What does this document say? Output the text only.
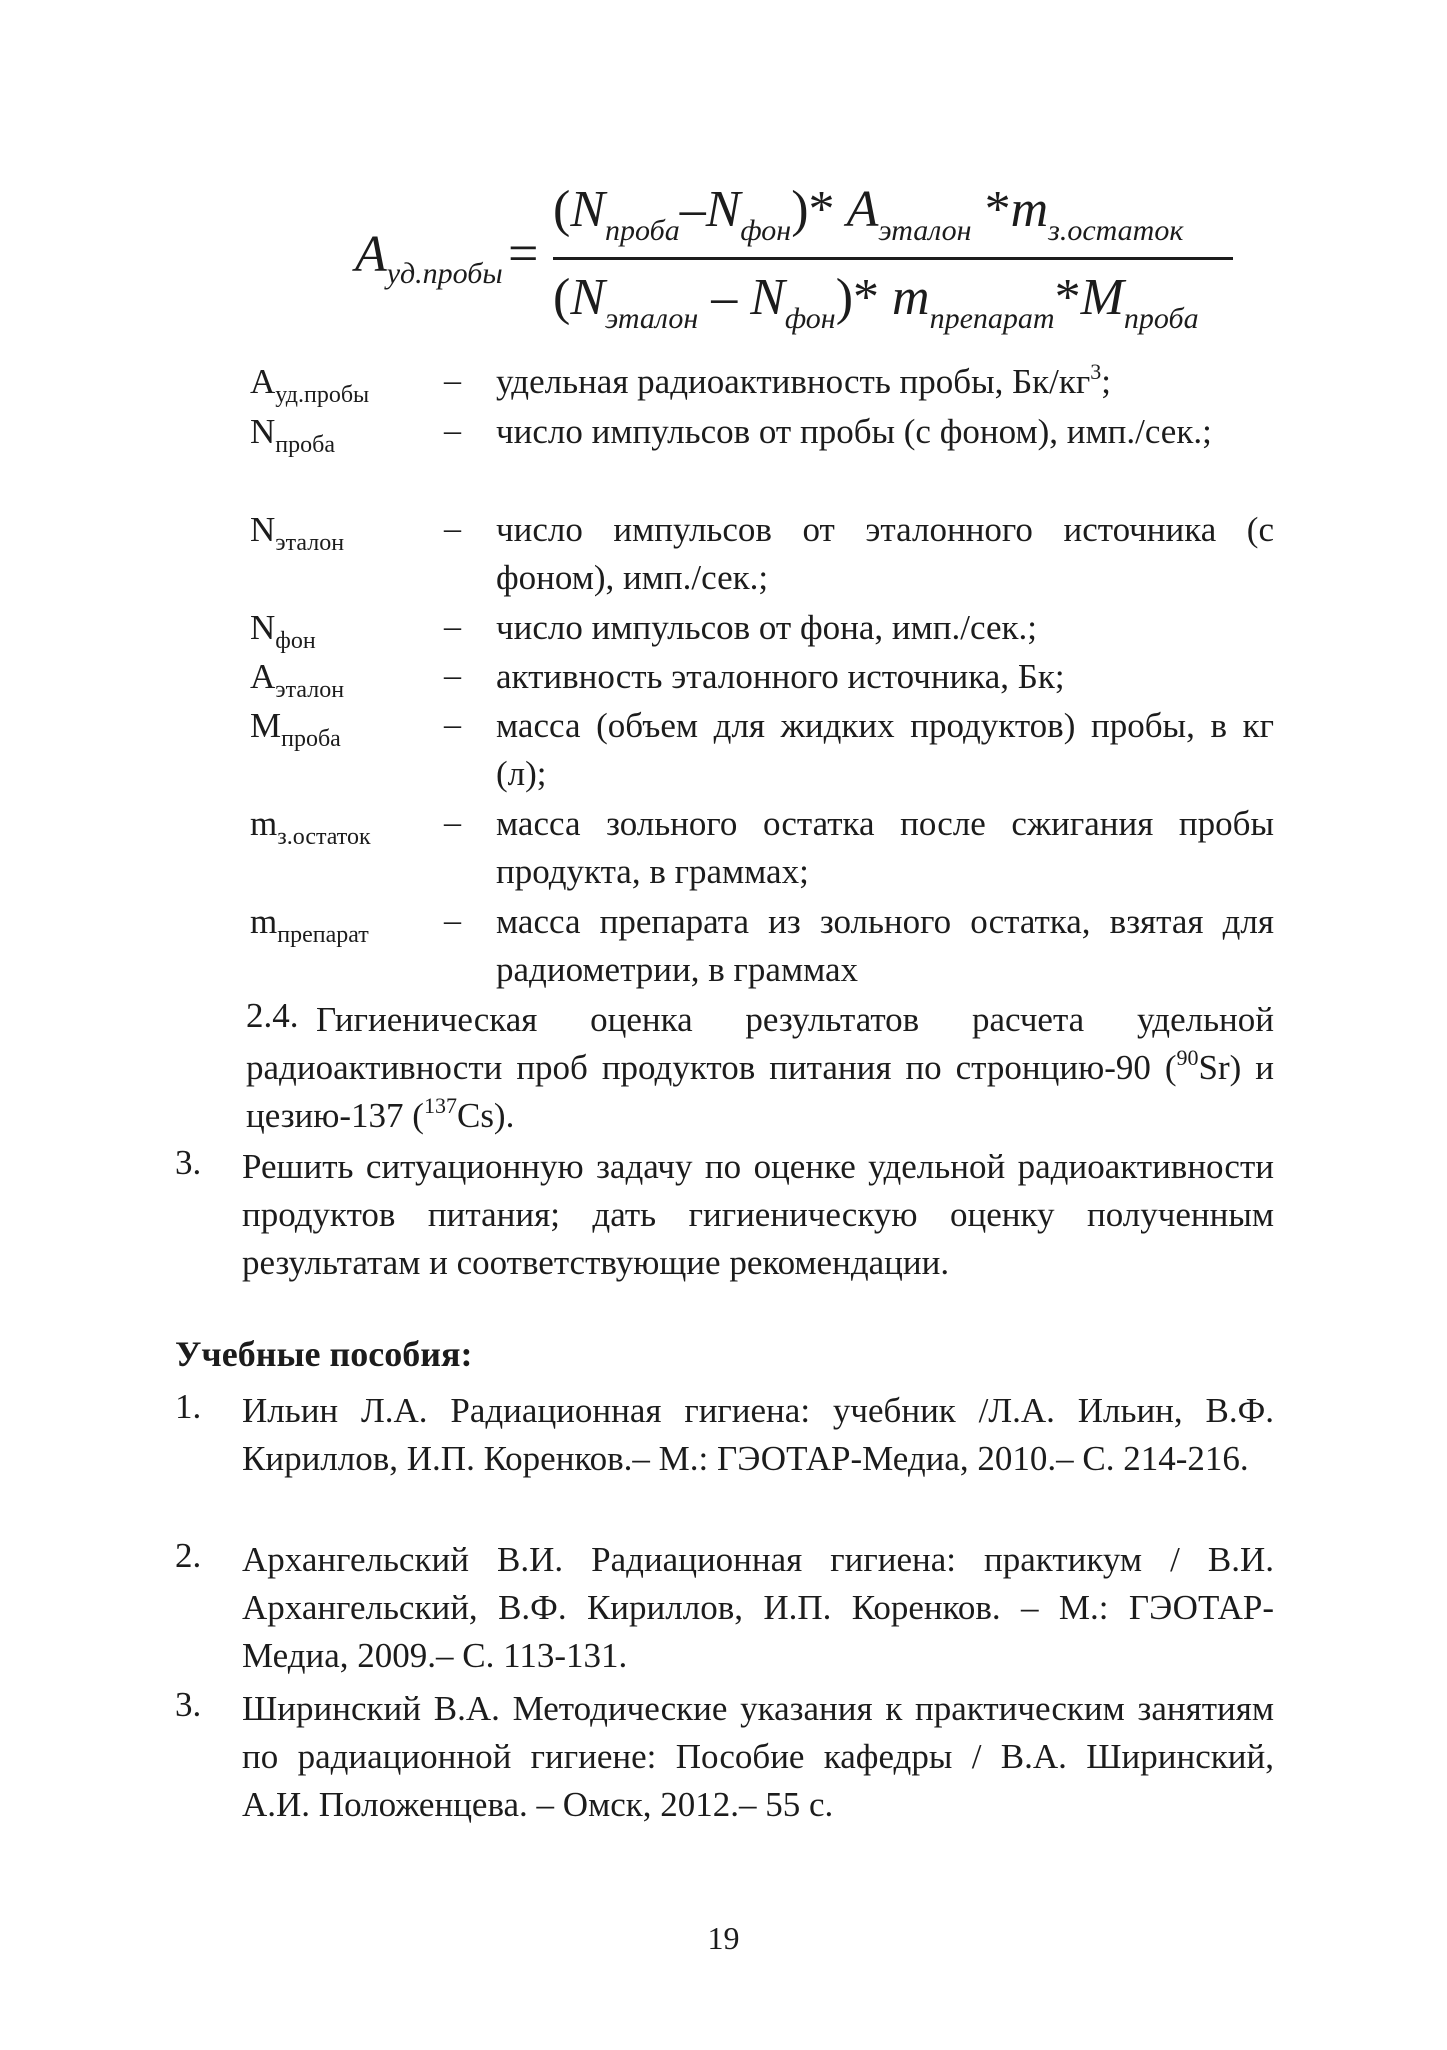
$A_{уд.пробы}$ =
$(N_{проба}-N_{фон})*$ $A_{эталон}$ $*m_{з.остаток}$
$(N_{эталон} - N_{фон})*$ $m_{препарат}*M_{проба}$
$A_{уд.пробы}$ – удельная радиоактивность пробы, $Бк/кг^3$;
$N_{проба}$	– число импульсов от пробы (с фоном), имп./сек.;
$N_{эталон}$	– число импульсов от эталонного источника (с фоном), имп./сек.;
$N_{фон}$	– число импульсов от фона, имп./сек.;
$A_{эталон}$	– активность эталонного источника, Бк;
$M_{проба}$	– масса (объем для жидких продуктов) пробы, в кг (л);
$m_{з.остаток}$ – масса зольного остатка после сжигания пробы продукта, в граммах;
$m_{препарат}$ – масса препарата из зольного остатка, взятая для радиометрии, в граммах
2.4. Гигиеническая оценка результатов расчета удельной радиоактивности проб продуктов питания по стронцию-90 ($^{90}$Sr) и цезию-137 ($^{137}$Cs).
3. Решить ситуационную задачу по оценке удельной радиоактивности продуктов питания; дать гигиеническую оценку полученным результатам и соответствующие рекомендации.
Учебные пособия:
1. Ильин Л.А. Радиационная гигиена: учебник /Л.А. Ильин, В.Ф. Кириллов, И.П. Коренков.– М.: ГЭОТАР-Медиа, 2010.– С. 214-216.
2. Архангельский В.И. Радиационная гигиена: практикум / В.И. Архангельский, В.Ф. Кириллов, И.П. Коренков. – М.: ГЭОТАР-Медиа, 2009.– С. 113-131.
3. Ширинский В.А. Методические указания к практическим занятиям по радиационной гигиене: Пособие кафедры / В.А. Ширинский, А.И. Положенцева. – Омск, 2012.– 55 с.
19
